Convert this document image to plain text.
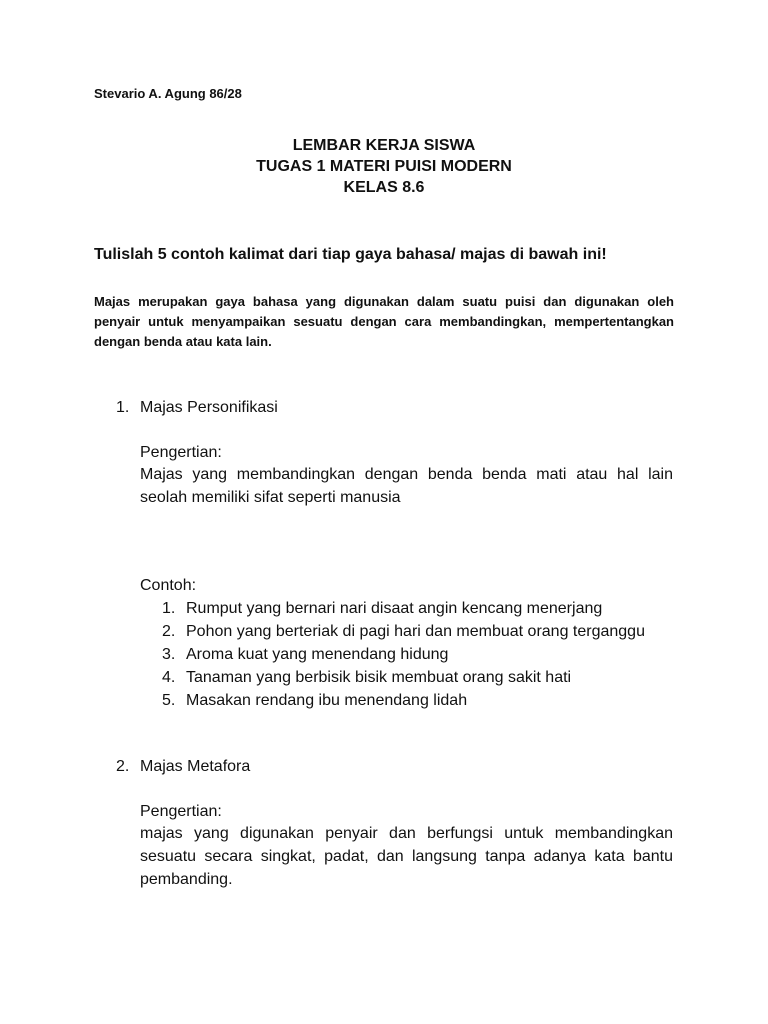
Stevario A. Agung 86/28
LEMBAR KERJA SISWA
TUGAS 1 MATERI PUISI MODERN
KELAS 8.6
Tulislah 5 contoh kalimat dari tiap gaya bahasa/ majas di bawah ini!
Majas merupakan gaya bahasa yang digunakan dalam suatu puisi dan digunakan oleh penyair untuk menyampaikan sesuatu dengan cara membandingkan, mempertentangkan dengan benda atau kata lain.
1. Majas Personifikasi
Pengertian:
Majas yang membandingkan dengan benda benda mati atau hal lain seolah memiliki sifat seperti manusia
Contoh:
1. Rumput yang bernari nari disaat angin kencang menerjang
2. Pohon yang berteriak di pagi hari dan membuat orang terganggu
3. Aroma kuat yang menendang hidung
4. Tanaman yang berbisik bisik membuat orang sakit hati
5. Masakan rendang ibu menendang lidah
2. Majas Metafora
Pengertian:
majas yang digunakan penyair dan berfungsi untuk membandingkan sesuatu secara singkat, padat, dan langsung tanpa adanya kata bantu pembanding.
